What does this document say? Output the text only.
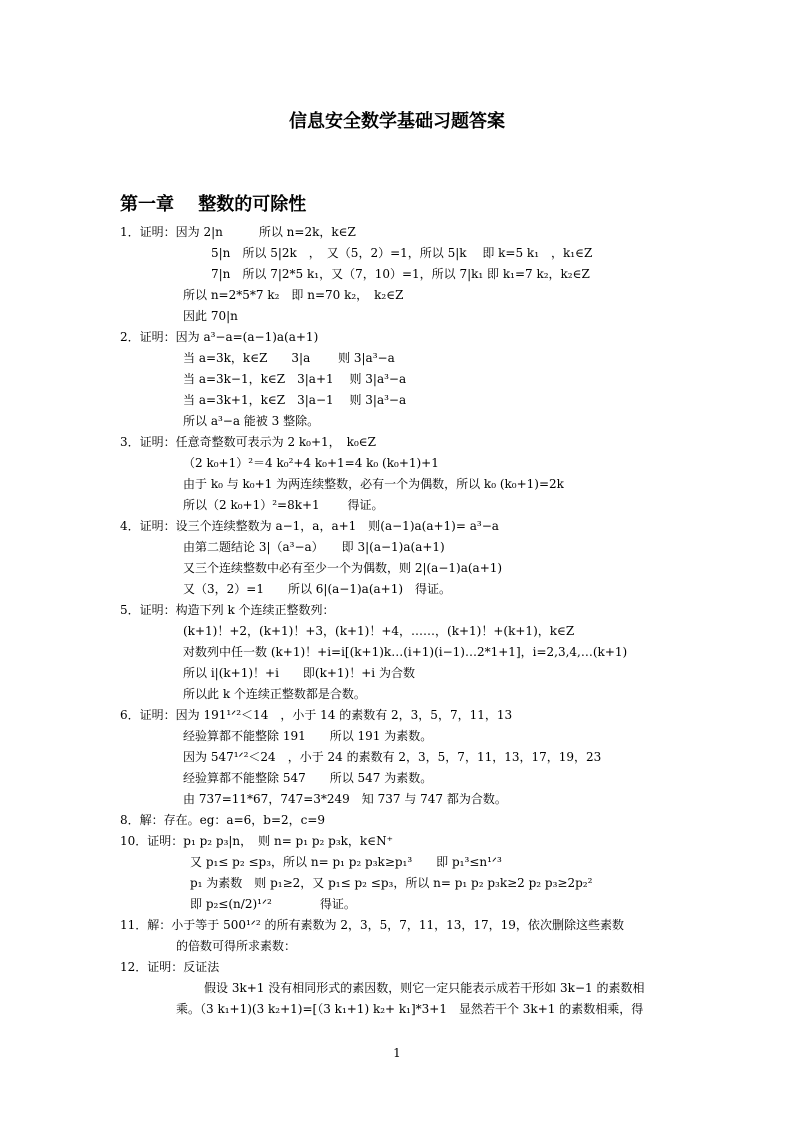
信息安全数学基础习题答案
第一章　 整数的可除性
1．证明：因为 2|n　　　所以 n=2k，k∈Z
5|n　所以 5|2k　，　又（5，2）=1，所以 5|k　 即 k=5 k₁　，k₁∈Z
7|n　所以 7|2*5 k₁，又（7，10）=1，所以 7|k₁ 即 k₁=7 k₂，k₂∈Z
所以 n=2*5*7 k₂　即 n=70 k₂，　k₂∈Z
因此 70|n
2．证明：因为 a³−a=(a−1)a(a+1)
当 a=3k，k∈Z　　3|a　　 则 3|a³−a
当 a=3k−1，k∈Z　3|a+1　 则 3|a³−a
当 a=3k+1，k∈Z　3|a−1　 则 3|a³−a
所以 a³−a 能被 3 整除。
3．证明：任意奇整数可表示为 2 k₀+1，　k₀∈Z
（2 k₀+1）²＝4 k₀²+4 k₀+1=4 k₀ (k₀+1)+1
由于 k₀ 与 k₀+1 为两连续整数，必有一个为偶数，所以 k₀ (k₀+1)=2k
所以（2 k₀+1）²=8k+1　　 得证。
4．证明：设三个连续整数为 a−1，a，a+1　则(a−1)a(a+1)= a³−a
由第二题结论 3|（a³−a）　　即 3|(a−1)a(a+1)
又三个连续整数中必有至少一个为偶数，则 2|(a−1)a(a+1)
又（3，2）=1　　所以 6|(a−1)a(a+1)　得证。
5．证明：构造下列 k 个连续正整数列：
(k+1)！+2，(k+1)！+3，(k+1)！+4，……，(k+1)！+(k+1)，k∈Z
对数列中任一数 (k+1)！+i=i[(k+1)k…(i+1)(i−1)…2*1+1]，i=2,3,4,…(k+1)
所以 i|(k+1)！+i　　即(k+1)！+i 为合数
所以此 k 个连续正整数都是合数。
6．证明：因为 191¹ᐟ²＜14　，小于 14 的素数有 2，3，5，7，11，13
经验算都不能整除 191　　所以 191 为素数。
因为 547¹ᐟ²＜24　，小于 24 的素数有 2，3，5，7，11，13，17，19，23
经验算都不能整除 547　　所以 547 为素数。
由 737=11*67，747=3*249　知 737 与 747 都为合数。
8．解：存在。eg：a=6，b=2，c=9
10．证明：p₁ p₂ p₃|n，　则 n= p₁ p₂ p₃k，k∈N⁺
又 p₁≤ p₂ ≤p₃，所以 n= p₁ p₂ p₃k≥p₁³　　即 p₁³≤n¹ᐟ³
p₁ 为素数　则 p₁≥2，又 p₁≤ p₂ ≤p₃，所以 n= p₁ p₂ p₃k≥2 p₂ p₃≥2p₂²
即 p₂≤(n/2)¹ᐟ²　　　　得证。
11．解：小于等于 500¹ᐟ² 的所有素数为 2，3，5，7，11，13，17，19，依次删除这些素数
的倍数可得所求素数：
12．证明：反证法
假设 3k+1 没有相同形式的素因数，则它一定只能表示成若干形如 3k−1 的素数相
乘。（3 k₁+1)(3 k₂+1)=[（3 k₁+1) k₂+ k₁]*3+1　显然若干个 3k+1 的素数相乘，得
1
